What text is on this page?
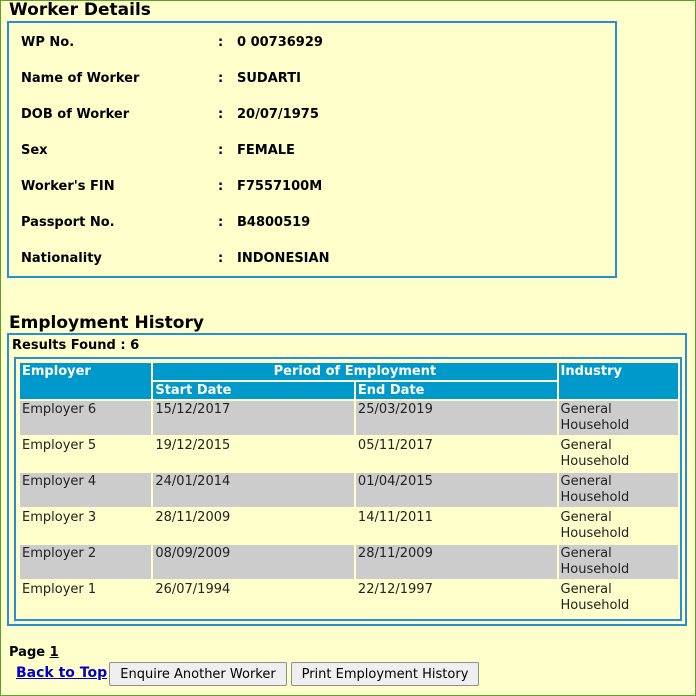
Worker Details
WP No.	: 0 00736929
Name of Worker	: SUDARTI
DOB of Worker	: 20/07/1975
Sex	: FEMALE
Worker's FIN	: F7557100M
Passport No.	: B4800519
Nationality	: INDONESIAN
Employment History
Results Found : 6
Employer	Period of Employment		Industry
	Start Date	End Date	
Employer 6	15/12/2017	25/03/2019	General
Household
Employer 5	19/12/2015	05/11/2017	General
Household
Employer 4	24/01/2014	01/04/2015	General
Household
Employer 3	28/11/2009	14/11/2011	General
Household
Employer 2	08/09/2009	28/11/2009	General
Household
Employer 1	26/07/1994	22/12/1997	General
Household
Page 1
Back to Top	Enquire Another Worker	Print Employment History
